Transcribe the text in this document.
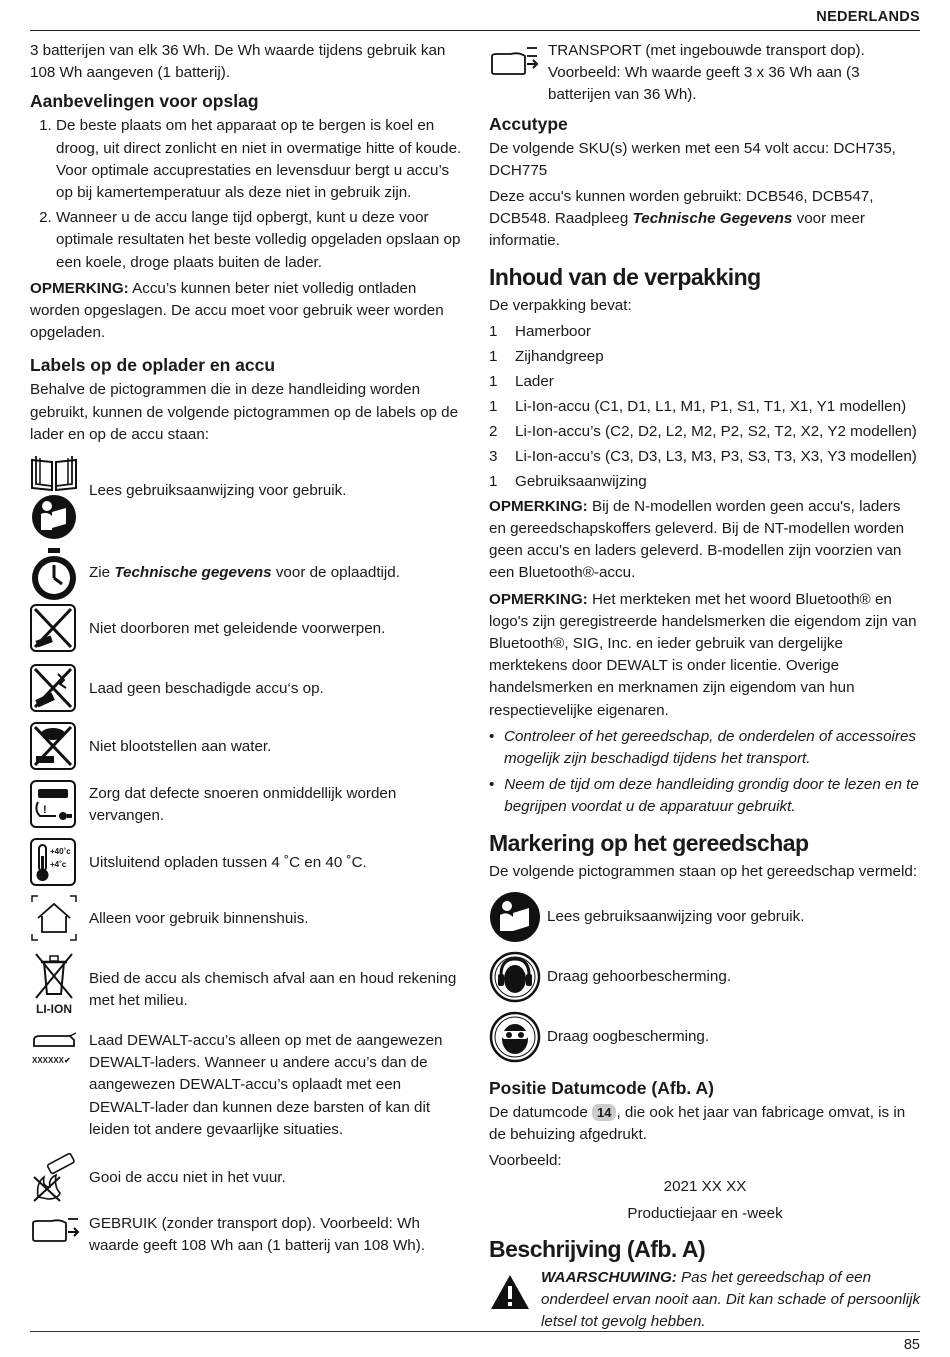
NEDERLANDS

3 batterijen van elk 36 Wh. De Wh waarde tijdens gebruik kan 108 Wh aangeven (1 batterij).

Aanbevelingen voor opslag
1. De beste plaats om het apparaat op te bergen is koel en droog, uit direct zonlicht en niet in overmatige hitte of koude. Voor optimale accuprestaties en levensduur bergt u accu’s op bij kamertemperatuur als deze niet in gebruik zijn.
2. Wanneer u de accu lange tijd opbergt, kunt u deze voor optimale resultaten het beste volledig opgeladen opslaan op een koele, droge plaats buiten de lader.

OPMERKING: Accu’s kunnen beter niet volledig ontladen worden opgeslagen. De accu moet voor gebruik weer worden opgeladen.

Labels op de oplader en accu

Behalve de pictogrammen die in deze handleiding worden gebruikt, kunnen de volgende pictogrammen op de labels op de lader en op de accu staan:

Lees gebruiksaanwijzing voor gebruik.
Zie Technische gegevens voor de oplaadtijd.
Niet doorboren met geleidende voorwerpen.
Laad geen beschadigde accu‘s op.
Niet blootstellen aan water.
!
Zorg dat defecte snoeren onmiddellijk worden vervangen.
+40˚c
+4˚c Uitsluitend opladen tussen 4 ˚C en 40 ˚C.
Alleen voor gebruik binnenshuis.
LI-ION
Bied de accu als chemisch afval aan en houd rekening met het milieu.
XXXXXX✔
Laad DEWALT-accu’s alleen op met de aangewezen DEWALT-laders. Wanneer u andere accu’s dan de aangewezen DEWALT-accu’s oplaadt met een DEWALT-lader dan kunnen deze barsten of kan dit leiden tot andere gevaarlijke situaties.
Gooi de accu niet in het vuur.
GEBRUIK (zonder transport dop). Voorbeeld: Wh waarde geeft 108 Wh aan (1 batterij van 108 Wh).
TRANSPORT (met ingebouwde transport dop). Voorbeeld: Wh waarde geeft 3 x 36 Wh aan (3 batterijen van 36 Wh).
Accutype

De volgende SKU(s) werken met een 54 volt accu: DCH735, DCH775

Deze accu's kunnen worden gebruikt: DCB546, DCB547, DCB548. Raadpleeg Technische Gegevens voor meer informatie.

Inhoud van de verpakking

De verpakking bevat:

1	Hamerboor
1	Zijhandgreep
1	Lader
1	Li-Ion-accu (C1, D1, L1, M1, P1, S1, T1, X1, Y1 modellen)
2	Li-Ion-accu’s (C2, D2, L2, M2, P2, S2, T2, X2, Y2 modellen)
3	Li-Ion-accu’s (C3, D3, L3, M3, P3, S3, T3, X3, Y3 modellen)
1	Gebruiksaanwijzing

OPMERKING: Bij de N-modellen worden geen accu's, laders en gereedschapskoffers geleverd. Bij de NT-modellen worden geen accu's en laders geleverd. B-modellen zijn voorzien van een Bluetooth®-accu.

OPMERKING: Het merkteken met het woord Bluetooth® en logo's zijn geregistreerde handelsmerken die eigendom zijn van Bluetooth®, SIG, Inc. en ieder gebruik van dergelijke merktekens door DEWALT is onder licentie. Overige handelsmerken en merknamen zijn eigendom van hun respectievelijke eigenaren.

• Controleer of het gereedschap, de onderdelen of accessoires mogelijk zijn beschadigd tijdens het transport.
• Neem de tijd om deze handleiding grondig door te lezen en te begrijpen voordat u de apparatuur gebruikt.
Markering op het gereedschap

De volgende pictogrammen staan op het gereedschap vermeld:

Lees gebruiksaanwijzing voor gebruik.
Draag gehoorbescherming.
Draag oogbescherming.
Positie Datumcode (Afb. A)

De datumcode 14 , die ook het jaar van fabricage omvat, is in de behuizing afgedrukt.

Voorbeeld:

2021 XX XX

Productiejaar en -week

Beschrijving (Afb. A)
WAARSCHUWING: Pas het gereedschap of een onderdeel ervan nooit aan. Dit kan schade of persoonlijk letsel tot gevolg hebben.
85
